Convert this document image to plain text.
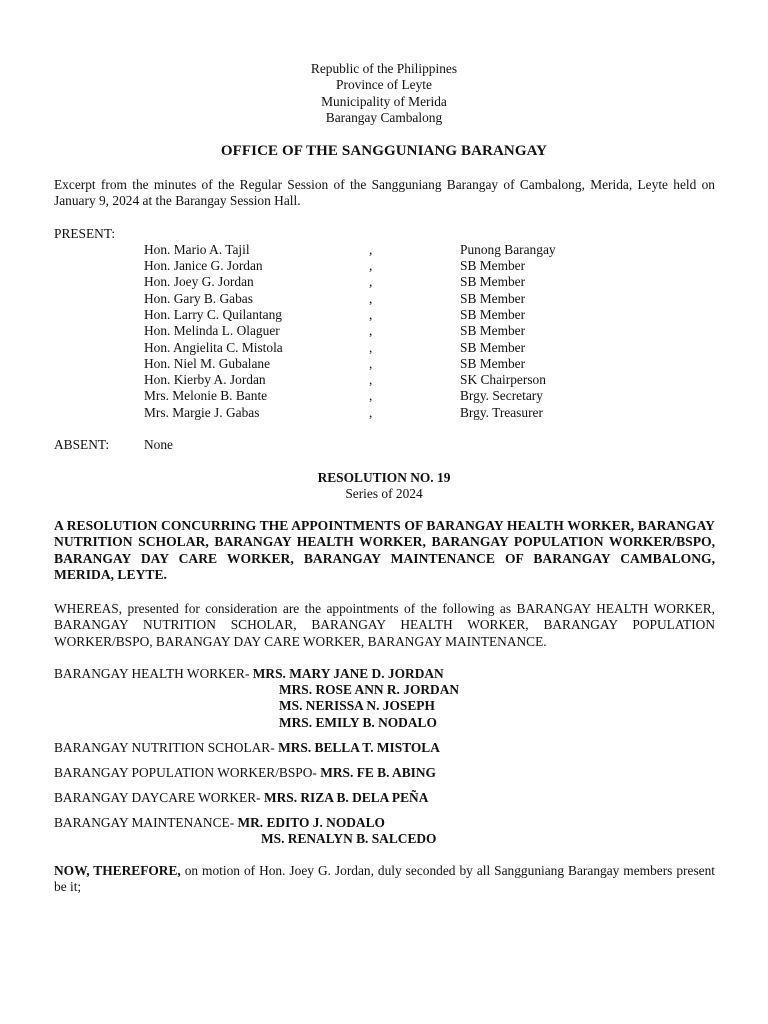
Republic of the Philippines
Province of Leyte
Municipality of Merida
Barangay Cambalong
OFFICE OF THE SANGGUNIANG BARANGAY
Excerpt from the minutes of the Regular Session of the Sangguniang Barangay of Cambalong, Merida, Leyte held on January 9, 2024 at the Barangay Session Hall.
PRESENT:
Hon. Mario A. Tajil	,	Punong Barangay
Hon. Janice G. Jordan	,	SB Member
Hon. Joey G. Jordan	,	SB Member
Hon. Gary B. Gabas	,	SB Member
Hon. Larry C. Quilantang	,	SB Member
Hon. Melinda L. Olaguer	,	SB Member
Hon. Angielita C. Mistola	,	SB Member
Hon. Niel M. Gubalane	,	SB Member
Hon. Kierby A. Jordan	,	SK Chairperson
Mrs. Melonie B. Bante	,	Brgy. Secretary
Mrs. Margie J. Gabas	,	Brgy. Treasurer
ABSENT:	None
RESOLUTION NO. 19
Series of 2024
A RESOLUTION CONCURRING THE APPOINTMENTS OF BARANGAY HEALTH WORKER, BARANGAY NUTRITION SCHOLAR, BARANGAY HEALTH WORKER, BARANGAY POPULATION WORKER/BSPO, BARANGAY DAY CARE WORKER, BARANGAY MAINTENANCE OF BARANGAY CAMBALONG, MERIDA, LEYTE.
WHEREAS, presented for consideration are the appointments of the following as BARANGAY HEALTH WORKER, BARANGAY NUTRITION SCHOLAR, BARANGAY HEALTH WORKER, BARANGAY POPULATION WORKER/BSPO, BARANGAY DAY CARE WORKER, BARANGAY MAINTENANCE.
BARANGAY HEALTH WORKER- MRS. MARY JANE D. JORDAN
MRS. ROSE ANN R. JORDAN
MS. NERISSA N. JOSEPH
MRS. EMILY B. NODALO
BARANGAY NUTRITION SCHOLAR- MRS. BELLA T. MISTOLA
BARANGAY POPULATION WORKER/BSPO- MRS. FE B. ABING
BARANGAY DAYCARE WORKER- MRS. RIZA B. DELA PEÑA
BARANGAY MAINTENANCE- MR. EDITO J. NODALO
MS. RENALYN B. SALCEDO
NOW, THEREFORE, on motion of Hon. Joey G. Jordan, duly seconded by all Sangguniang Barangay members present be it;
